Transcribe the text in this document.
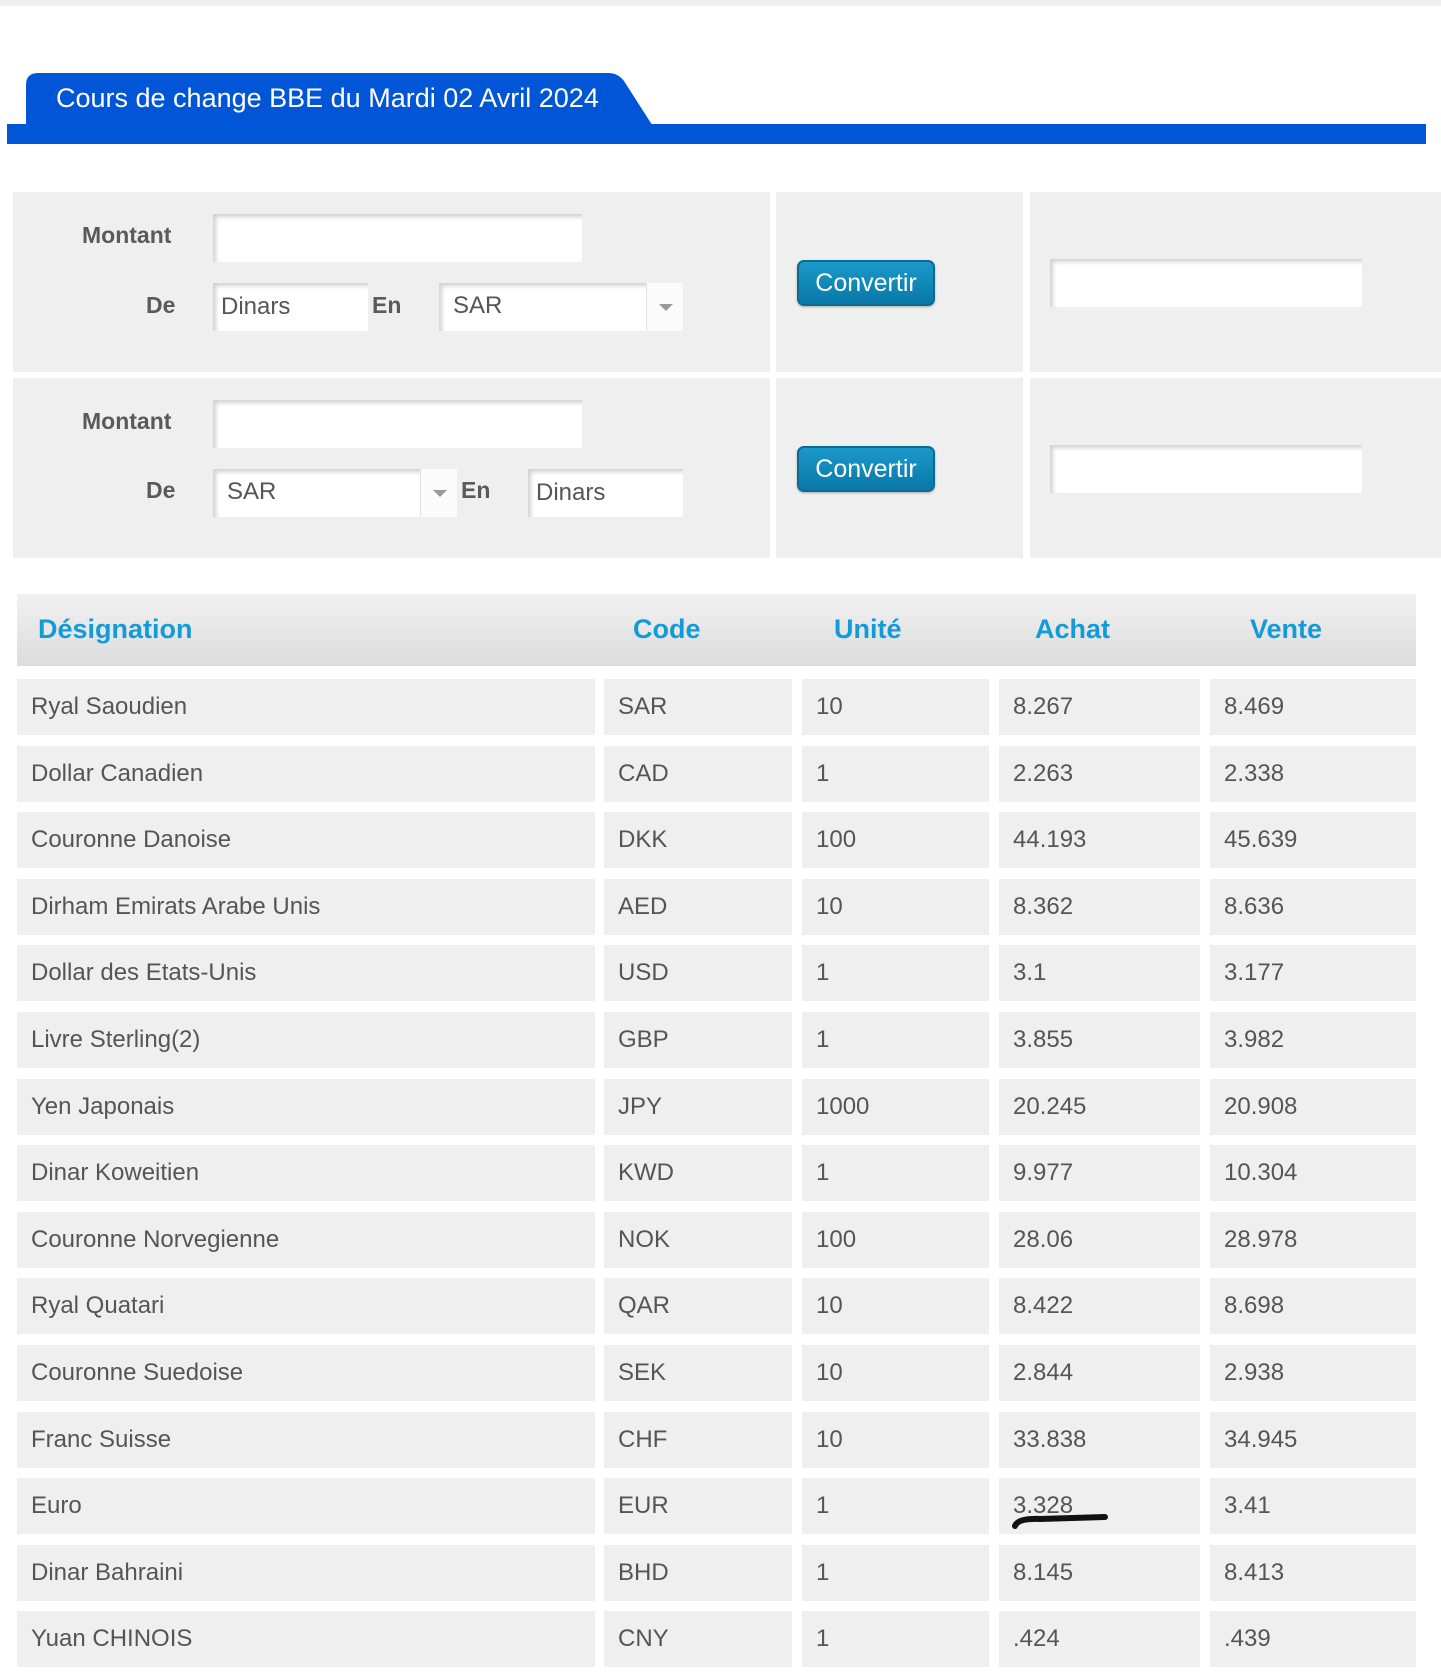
Cours de change BBE du Mardi 02 Avril 2024
Montant
De
Dinars	En SAR
Convertir
Montant
De SAR	En
Dinars
Convertir
Désignation	Code	Unité	Achat	Vente
Ryal Saoudien	SAR	10	8.267	8.469
Dollar Canadien	CAD	1	2.263	2.338
Couronne Danoise	DKK	100	44.193	45.639
Dirham Emirats Arabe Unis	AED	10	8.362	8.636
Dollar des Etats-Unis	USD	1	3.1	3.177
Livre Sterling(2)	GBP	1	3.855	3.982
Yen Japonais	JPY	1000	20.245	20.908
Dinar Koweitien	KWD	1	9.977	10.304
Couronne Norvegienne	NOK	100	28.06	28.978
Ryal Quatari	QAR	10	8.422	8.698
Couronne Suedoise	SEK	10	2.844	2.938
Franc Suisse	CHF	10	33.838	34.945
Euro	EUR	1	3.328	3.41
Dinar Bahraini	BHD	1	8.145	8.413
Yuan CHINOIS	CNY	1	.424	.439
